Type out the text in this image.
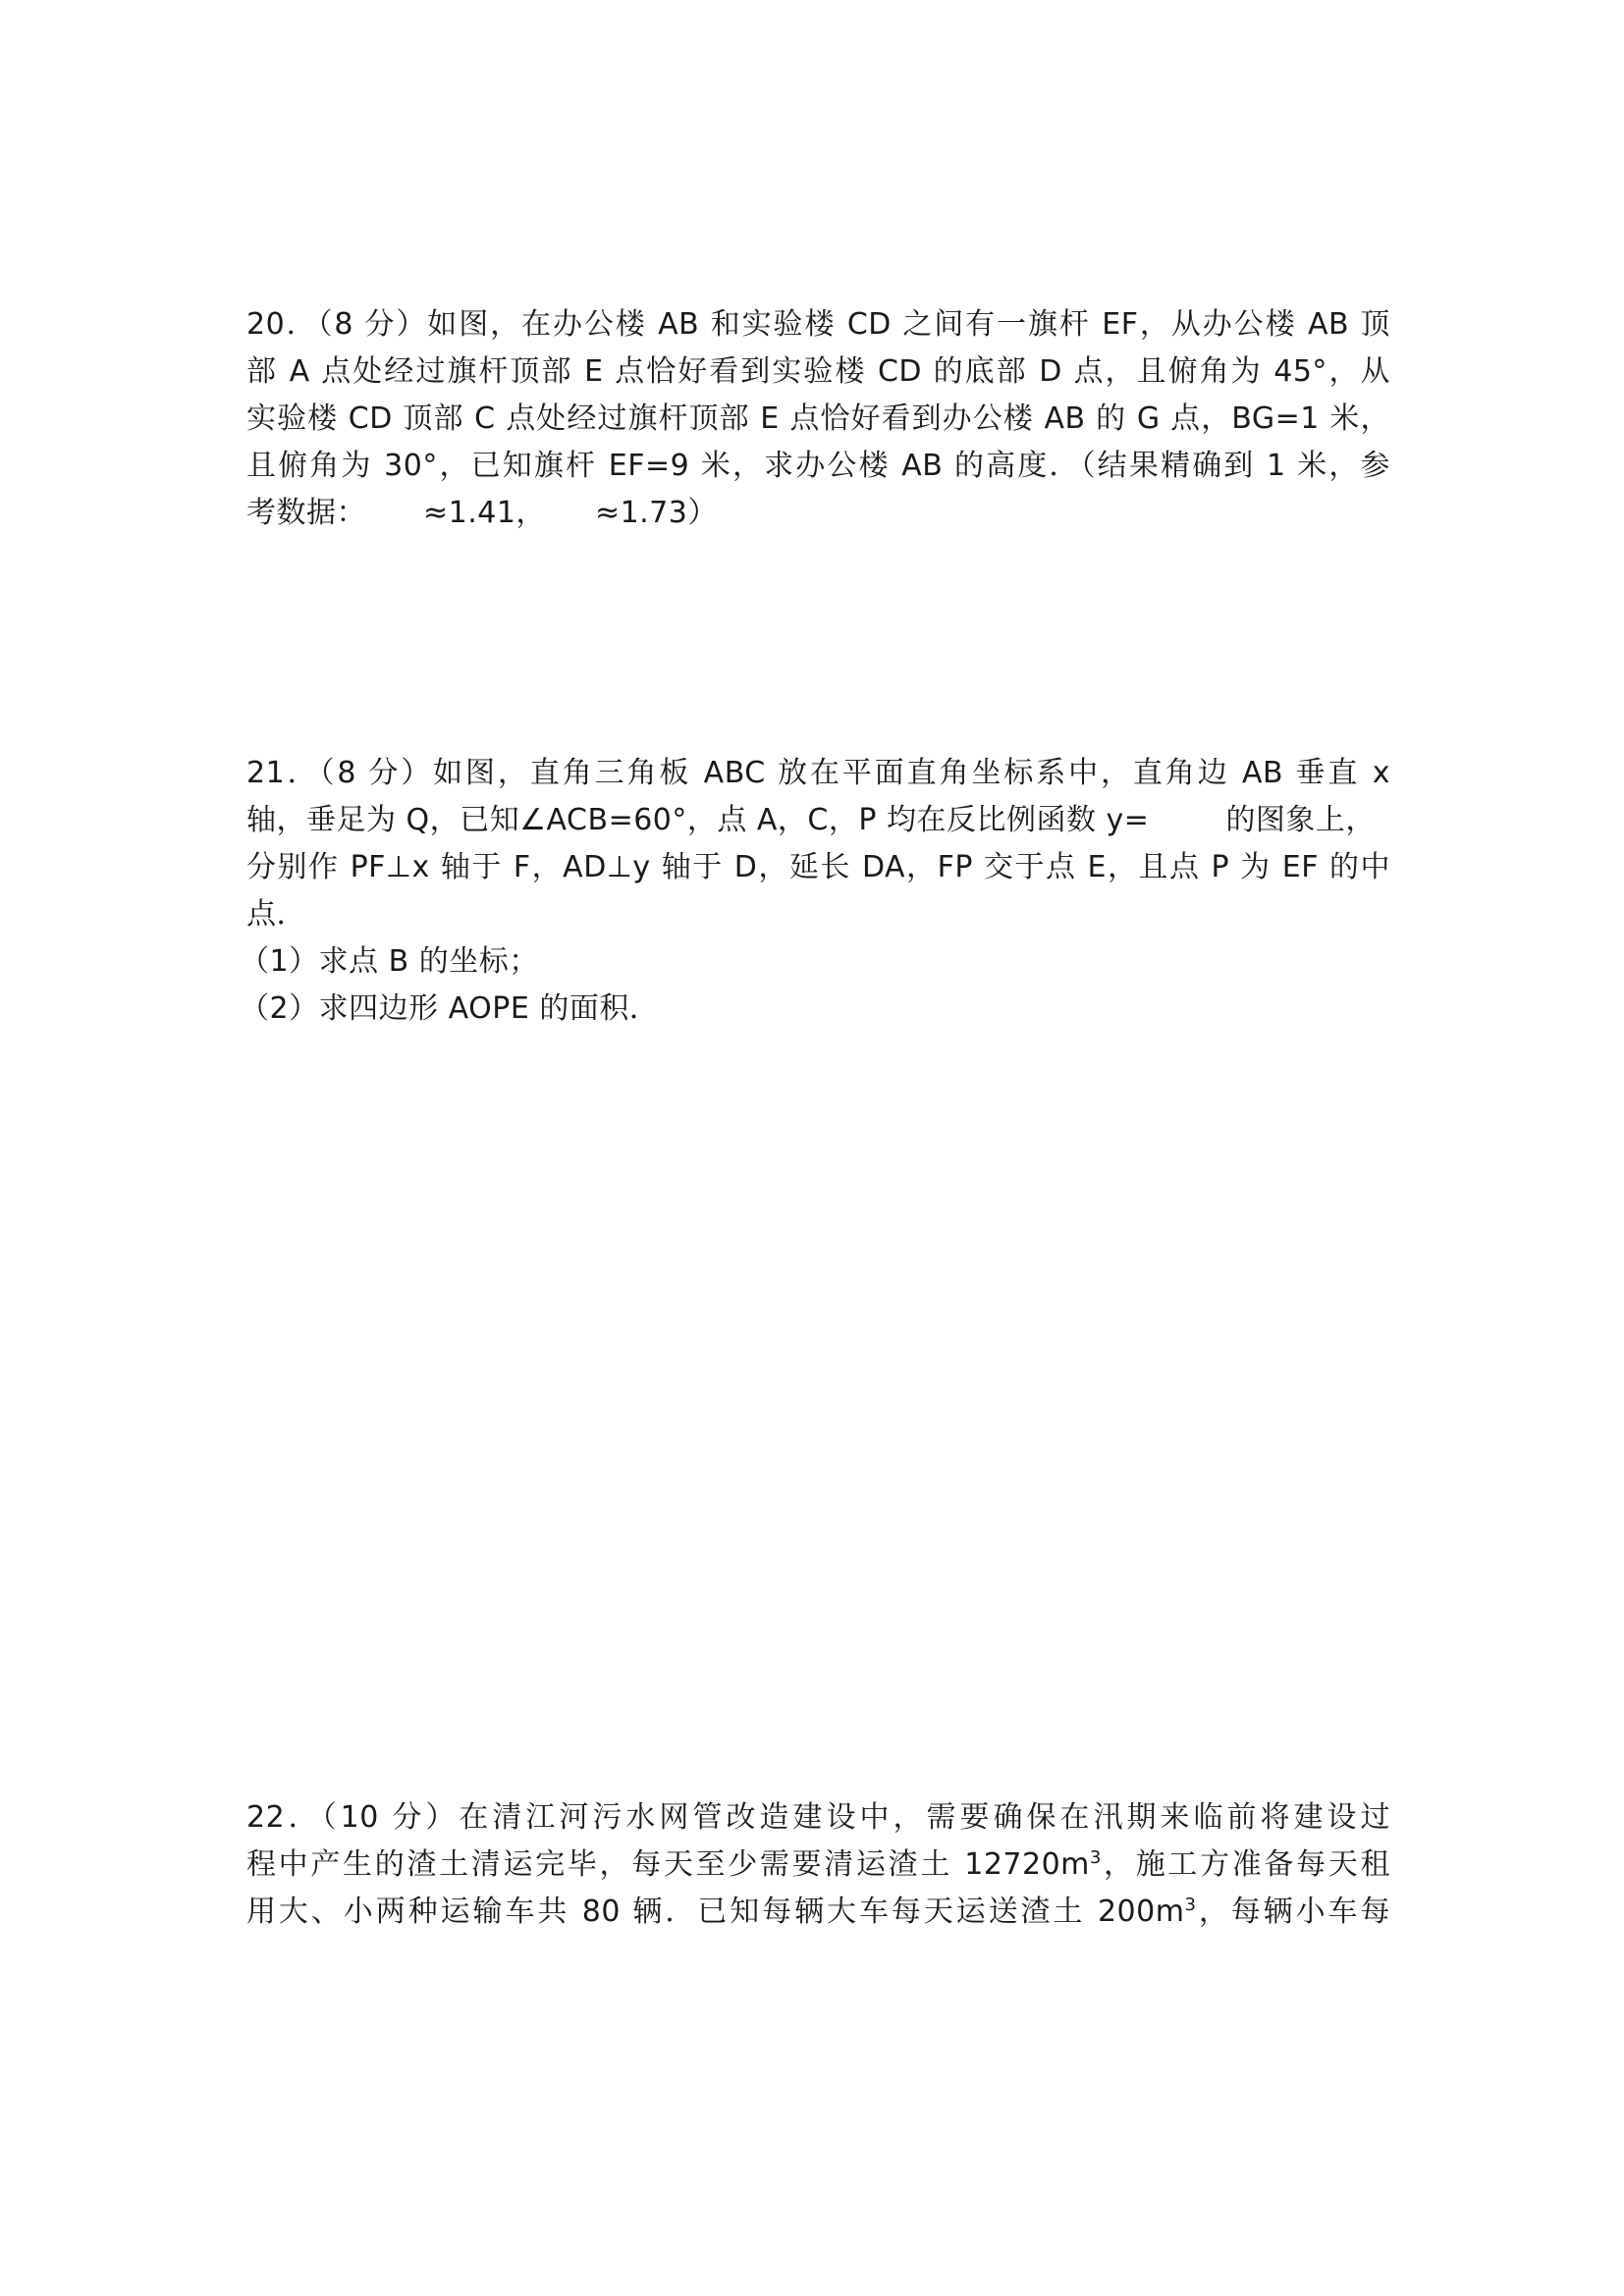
20．（8 分）如图，在办公楼 AB 和实验楼 CD 之间有一旗杆 EF，从办公楼 AB 顶
部 A 点处经过旗杆顶部 E 点恰好看到实验楼 CD 的底部 D 点，且俯角为 45°，从
实验楼 CD 顶部 C 点处经过旗杆顶部 E 点恰好看到办公楼 AB 的 G 点，BG=1 米，
且俯角为 30°，已知旗杆 EF=9 米，求办公楼 AB 的高度．（结果精确到 1 米，参
考数据： ≈1.41， ≈1.73）
21．（8 分）如图，直角三角板 ABC 放在平面直角坐标系中，直角边 AB 垂直 x
轴，垂足为 Q，已知∠ACB=60°，点 A，C，P 均在反比例函数 y=	的图象上，
分别作 PF⊥x 轴于 F，AD⊥y 轴于 D，延长 DA，FP 交于点 E，且点 P 为 EF 的中
点．
（1）求点 B 的坐标；
（2）求四边形 AOPE 的面积．
22．（10 分）在清江河污水网管改造建设中，需要确保在汛期来临前将建设过
程中产生的渣土清运完毕，每天至少需要清运渣土 $12720m^3$，施工方准备每天租
用大、小两种运输车共 80 辆．已知每辆大车每天运送渣土 $200m^3$，每辆小车每
